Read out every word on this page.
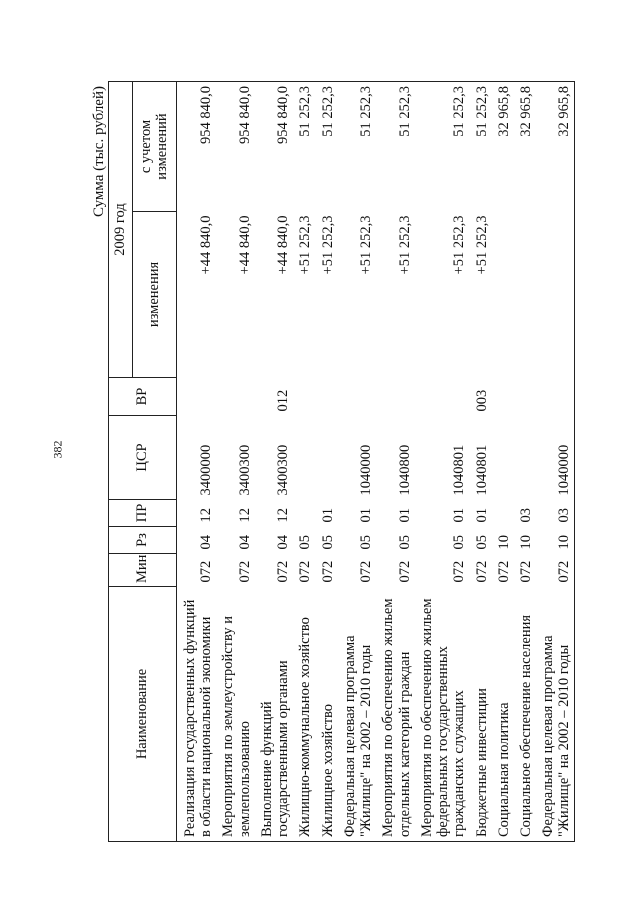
382
Сумма (тыс. рублей)
Наименование	Мин	Рз	ПР	ЦСР	ВР	2009 год	
						изменения	с учетом изменений

Реализация государственных функций в области национальной экономики	072	04	12	3400000		+44 840,0	954 840,0

Мероприятия по землеустройству и землепользованию	072	04	12	3400300		+44 840,0	954 840,0

Выполнение функций государственными органами	072	04	12	3400300	012	+44 840,0	954 840,0

Жилищно-коммунальное хозяйство	072	05				+51 252,3	51 252,3

Жилищное хозяйство	072	05	01			+51 252,3	51 252,3

Федеральная целевая программа "Жилище" на 2002 – 2010 годы	072	05	01	1040000		+51 252,3	51 252,3

Мероприятия по обеспечению жильем отдельных категорий граждан	072	05	01	1040800		+51 252,3	51 252,3

Мероприятия по обеспечению жильем федеральных государственных гражданских служащих	072	05	01	1040801		+51 252,3	51 252,3

Бюджетные инвестиции	072	05	01	1040801	003	+51 252,3	51 252,3

Социальная политика	072	10					32 965,8

Социальное обеспечение населения	072	10	03				32 965,8

Федеральная целевая программа "Жилище" на 2002 – 2010 годы	072	10	03	1040000			32 965,8
